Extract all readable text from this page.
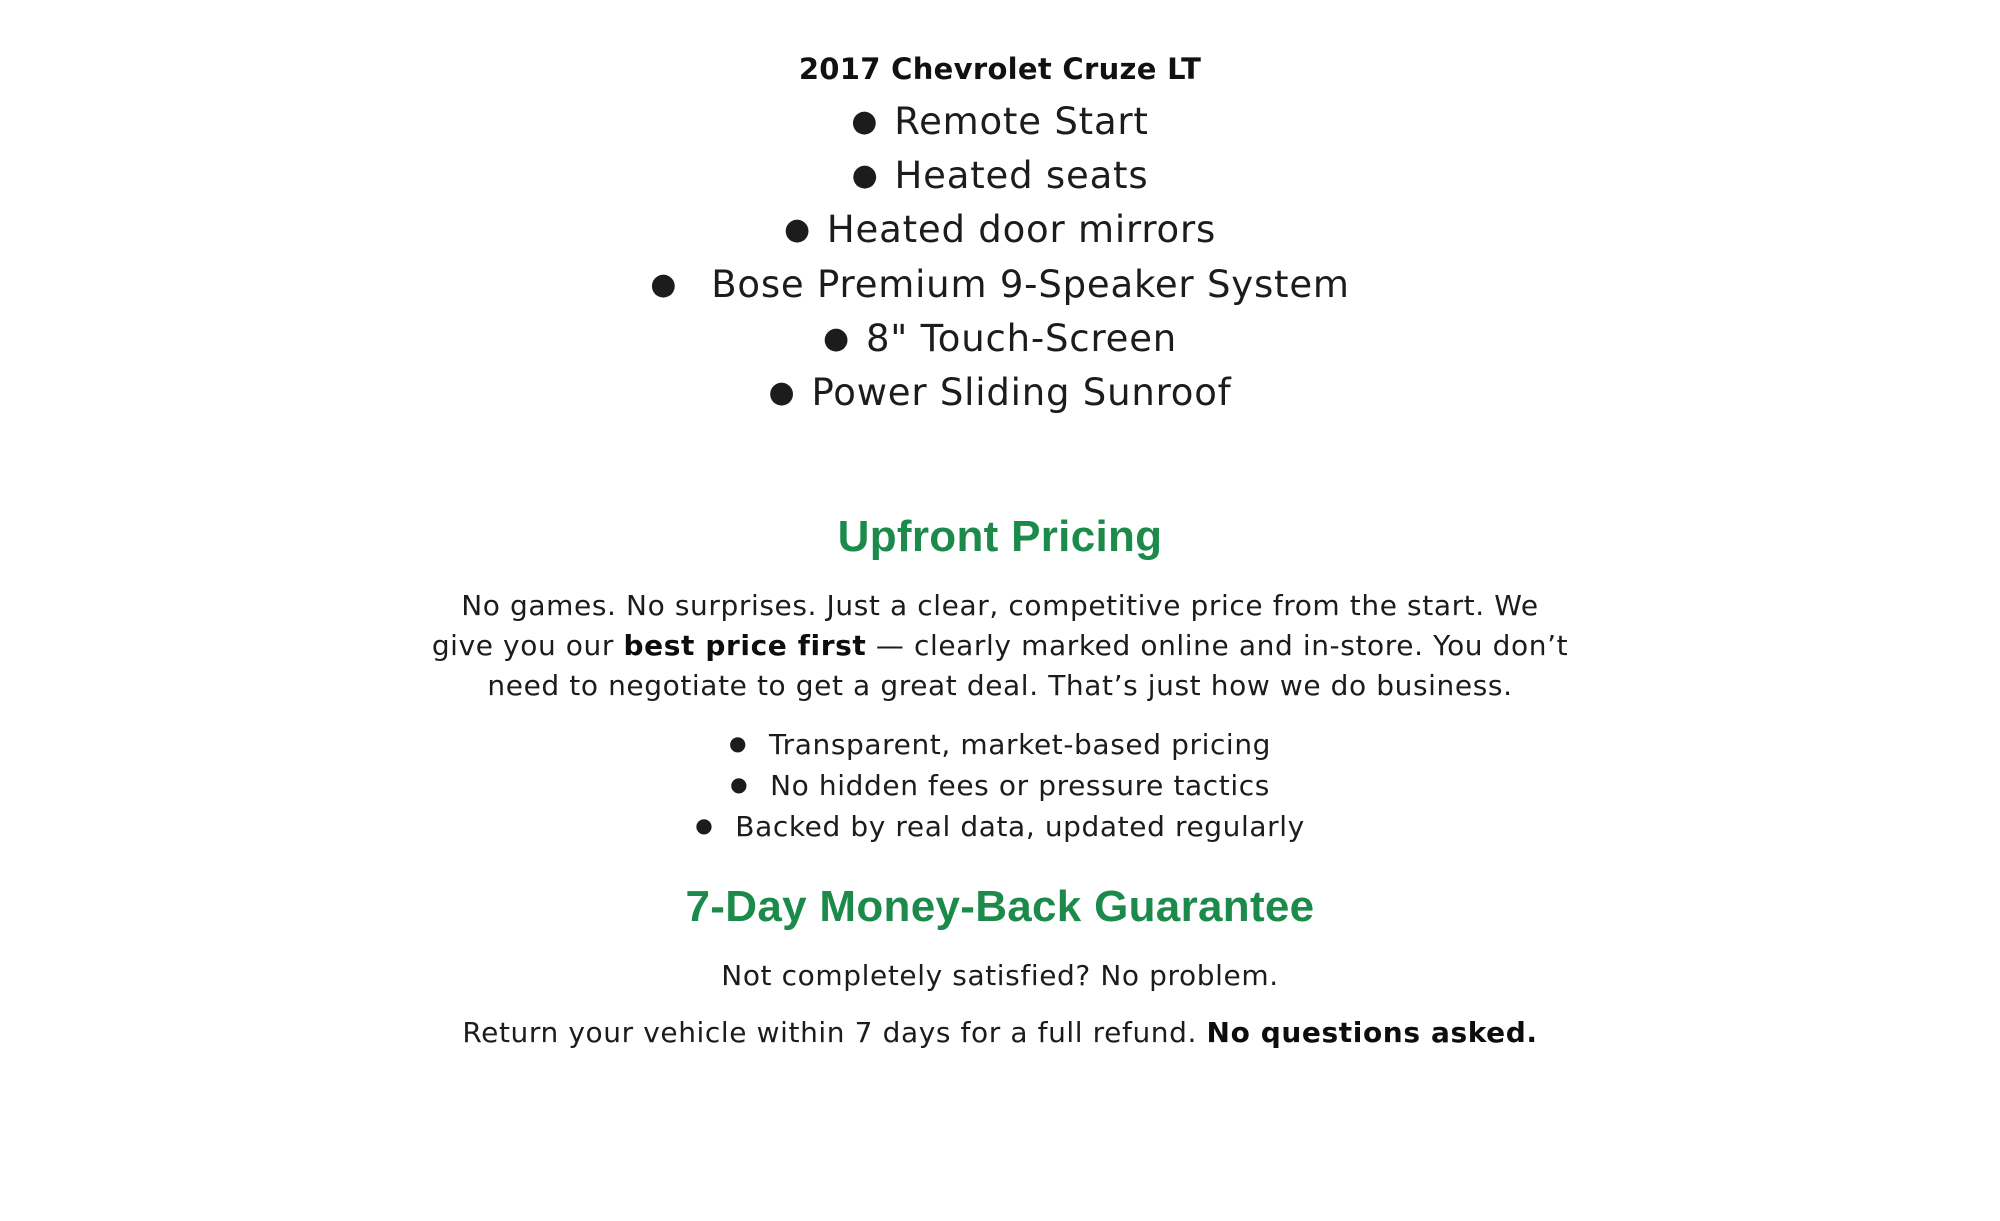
2017 Chevrolet Cruze LT
● Remote Start
● Heated seats
● Heated door mirrors
● Bose Premium 9-Speaker System
● 8" Touch-Screen
● Power Sliding Sunroof
Upfront Pricing
No games. No surprises. Just a clear, competitive price from the start. We give you our best price first — clearly marked online and in-store. You don’t need to negotiate to get a great deal. That’s just how we do business.
● Transparent, market-based pricing
● No hidden fees or pressure tactics
● Backed by real data, updated regularly
7-Day Money-Back Guarantee
Not completely satisfied? No problem.
Return your vehicle within 7 days for a full refund. No questions asked.
